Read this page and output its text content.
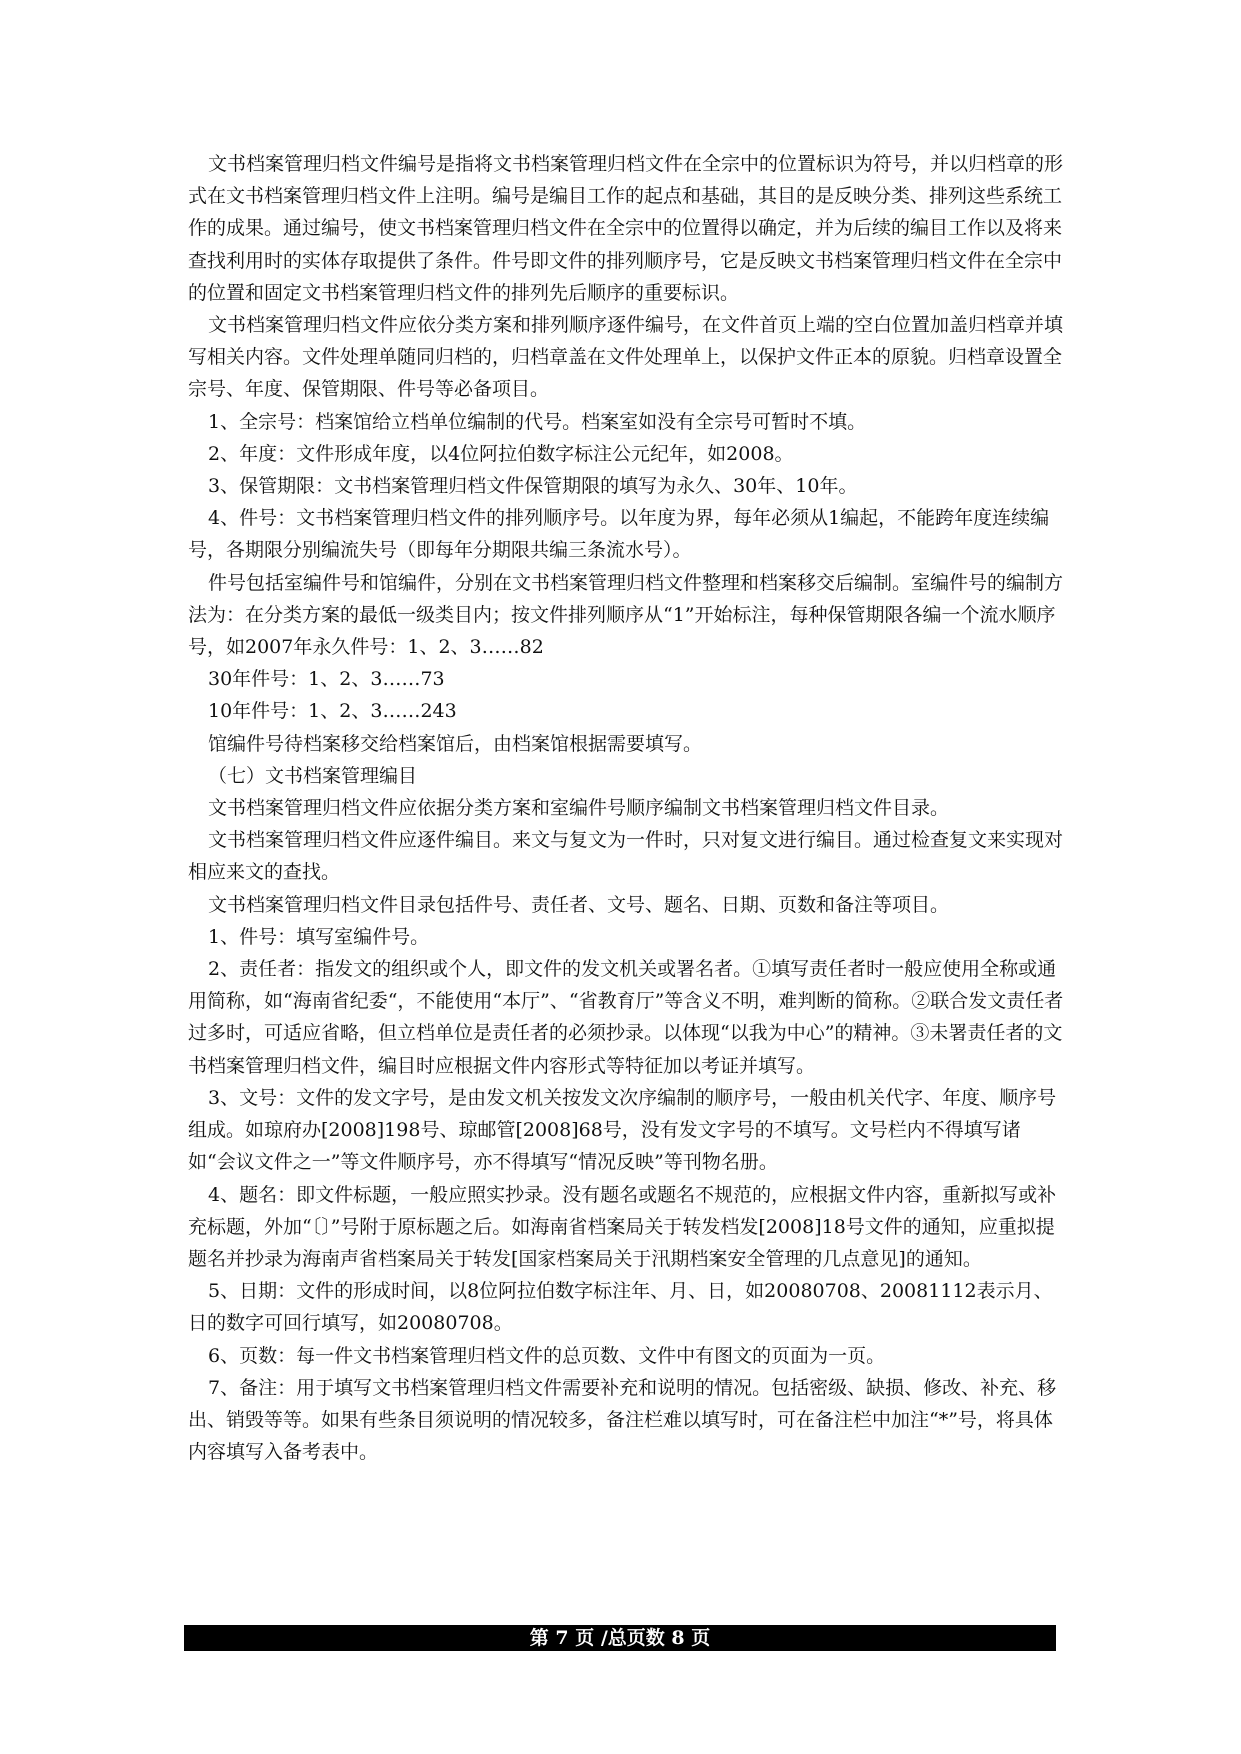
文书档案管理归档文件编号是指将文书档案管理归档文件在全宗中的位置标识为符号，并以归档章的形式在文书档案管理归档文件上注明。编号是编目工作的起点和基础，其目的是反映分类、排列这些系统工作的成果。通过编号，使文书档案管理归档文件在全宗中的位置得以确定，并为后续的编目工作以及将来查找利用时的实体存取提供了条件。件号即文件的排列顺序号，它是反映文书档案管理归档文件在全宗中的位置和固定文书档案管理归档文件的排列先后顺序的重要标识。

文书档案管理归档文件应依分类方案和排列顺序逐件编号，在文件首页上端的空白位置加盖归档章并填写相关内容。文件处理单随同归档的，归档章盖在文件处理单上，以保护文件正本的原貌。归档章设置全宗号、年度、保管期限、件号等必备项目。

1、全宗号：档案馆给立档单位编制的代号。档案室如没有全宗号可暂时不填。

2、年度：文件形成年度，以4位阿拉伯数字标注公元纪年，如2008。

3、保管期限：文书档案管理归档文件保管期限的填写为永久、30年、10年。

4、件号：文书档案管理归档文件的排列顺序号。以年度为界，每年必须从1编起，不能跨年度连续编号，各期限分别编流失号（即每年分期限共编三条流水号）。

件号包括室编件号和馆编件，分别在文书档案管理归档文件整理和档案移交后编制。室编件号的编制方法为：在分类方案的最低一级类目内；按文件排列顺序从“1”开始标注，每种保管期限各编一个流水顺序号，如2007年永久件号：1、2、3……82

30年件号：1、2、3……73

10年件号：1、2、3……243

馆编件号待档案移交给档案馆后，由档案馆根据需要填写。

（七）文书档案管理编目

文书档案管理归档文件应依据分类方案和室编件号顺序编制文书档案管理归档文件目录。

文书档案管理归档文件应逐件编目。来文与复文为一件时，只对复文进行编目。通过检查复文来实现对相应来文的查找。

文书档案管理归档文件目录包括件号、责任者、文号、题名、日期、页数和备注等项目。

1、件号：填写室编件号。

2、责任者：指发文的组织或个人，即文件的发文机关或署名者。①填写责任者时一般应使用全称或通用简称，如“海南省纪委“，不能使用“本厅”、“省教育厅”等含义不明，难判断的简称。②联合发文责任者过多时，可适应省略，但立档单位是责任者的必须抄录。以体现“以我为中心”的精神。③未署责任者的文书档案管理归档文件，编目时应根据文件内容形式等特征加以考证并填写。

3、文号：文件的发文字号，是由发文机关按发文次序编制的顺序号，一般由机关代字、年度、顺序号组成。如琼府办[2008]198号、琼邮管[2008]68号，没有发文字号的不填写。文号栏内不得填写诸如“会议文件之一”等文件顺序号，亦不得填写“情况反映”等刊物名册。

4、题名：即文件标题，一般应照实抄录。没有题名或题名不规范的，应根据文件内容，重新拟写或补充标题，外加“〔〕”号附于原标题之后。如海南省档案局关于转发档发[2008]18号文件的通知，应重拟提题名并抄录为海南声省档案局关于转发[国家档案局关于汛期档案安全管理的几点意见]的通知。

5、日期：文件的形成时间，以8位阿拉伯数字标注年、月、日，如20080708、20081112表示月、日的数字可回行填写，如20080708。

6、页数：每一件文书档案管理归档文件的总页数、文件中有图文的页面为一页。

7、备注：用于填写文书档案管理归档文件需要补充和说明的情况。包括密级、缺损、修改、补充、移出、销毁等等。如果有些条目须说明的情况较多，备注栏难以填写时，可在备注栏中加注“*”号，将具体内容填写入备考表中。

第 7 页 /总页数 8 页
